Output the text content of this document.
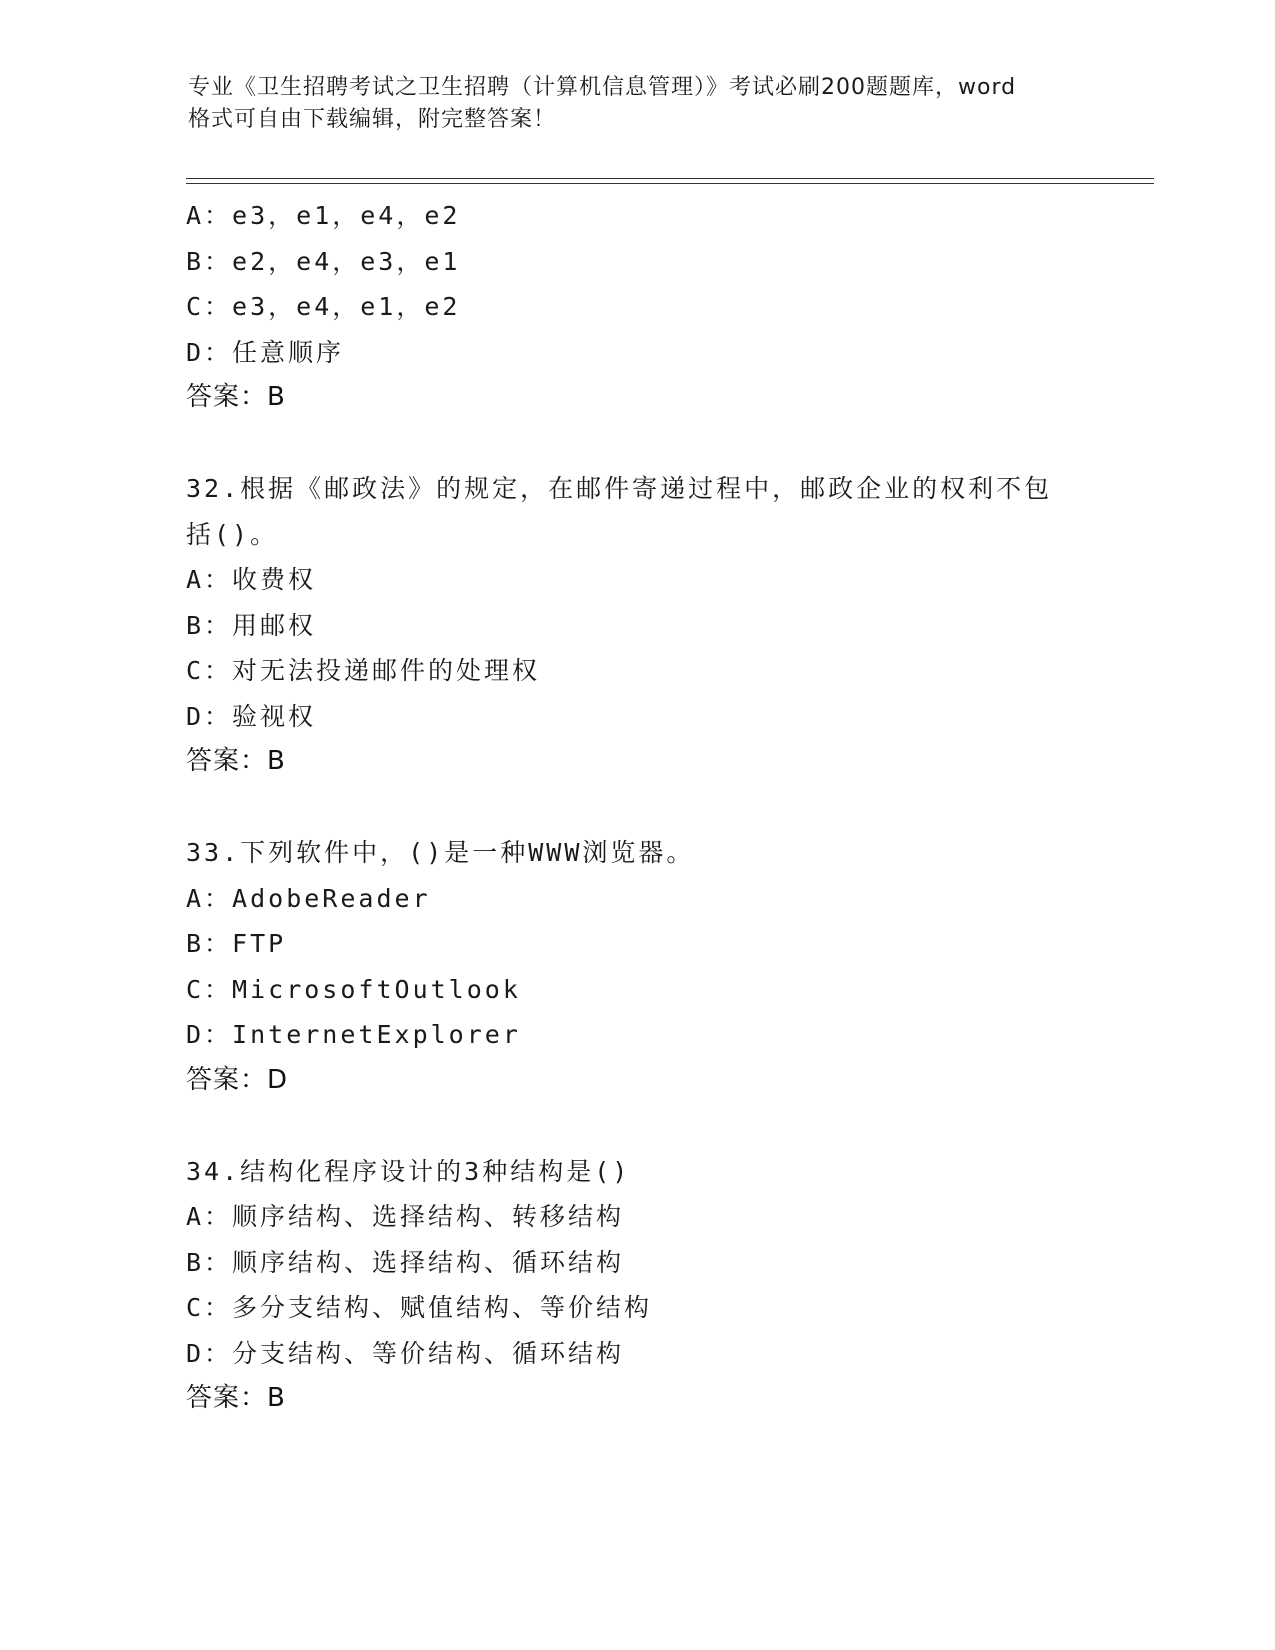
专业《卫生招聘考试之卫生招聘（计算机信息管理）》考试必刷200题题库，word
格式可自由下载编辑，附完整答案！
A：e3，e1，e4，e2
B：e2，e4，e3，e1
C：e3，e4，e1，e2
D：任意顺序
答案：B
32.根据《邮政法》的规定，在邮件寄递过程中，邮政企业的权利不包
括()。
A：收费权
B：用邮权
C：对无法投递邮件的处理权
D：验视权
答案：B
33.下列软件中，()是一种WWW浏览器。
A：AdobeReader
B：FTP
C：MicrosoftOutlook
D：InternetExplorer
答案：D
34.结构化程序设计的3种结构是()
A：顺序结构、选择结构、转移结构
B：顺序结构、选择结构、循环结构
C：多分支结构、赋值结构、等价结构
D：分支结构、等价结构、循环结构
答案：B
